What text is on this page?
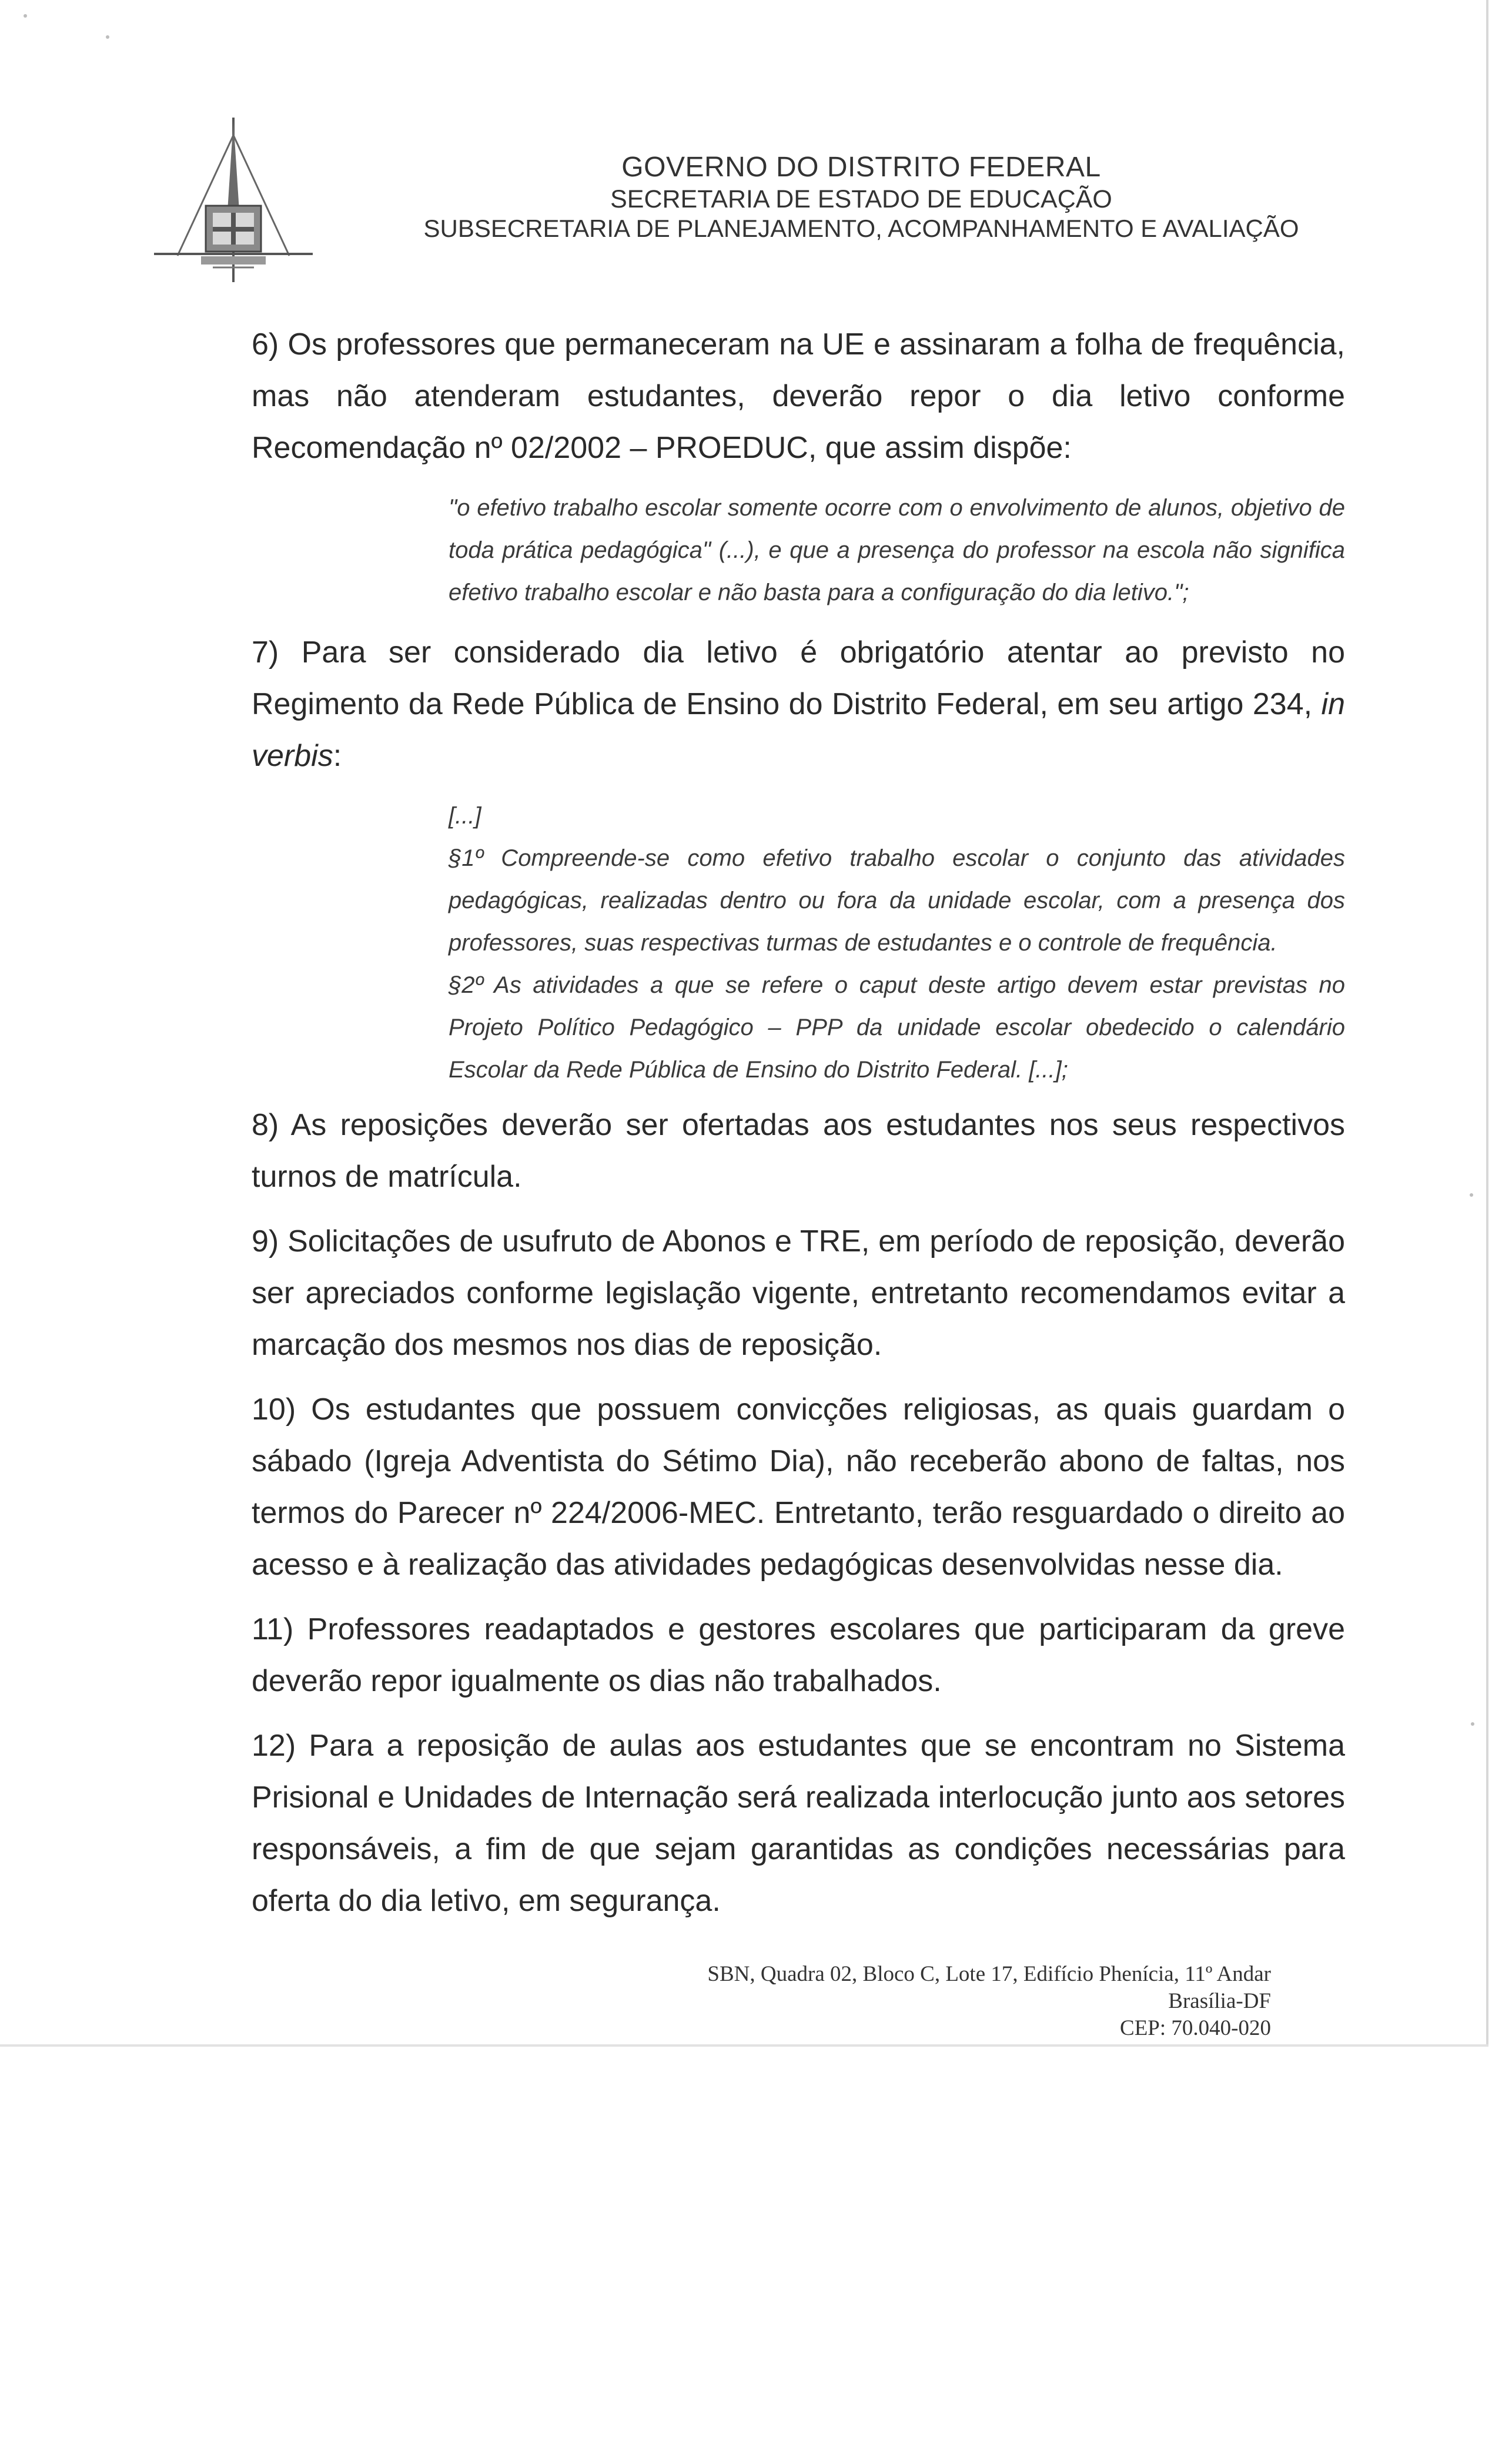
GOVERNO DO DISTRITO FEDERAL
SECRETARIA DE ESTADO DE EDUCAÇÃO
SUBSECRETARIA DE PLANEJAMENTO, ACOMPANHAMENTO E AVALIAÇÃO

6) Os professores que permaneceram na UE e assinaram a folha de frequência, mas não atenderam estudantes, deverão repor o dia letivo conforme Recomendação nº 02/2002 – PROEDUC, que assim dispõe:

"o efetivo trabalho escolar somente ocorre com o envolvimento de alunos, objetivo de toda prática pedagógica" (...), e que a presença do professor na escola não significa efetivo trabalho escolar e não basta para a configuração do dia letivo.";

7) Para ser considerado dia letivo é obrigatório atentar ao previsto no Regimento da Rede Pública de Ensino do Distrito Federal, em seu artigo 234, in verbis:

[...]
§1º Compreende-se como efetivo trabalho escolar o conjunto das atividades pedagógicas, realizadas dentro ou fora da unidade escolar, com a presença dos professores, suas respectivas turmas de estudantes e o controle de frequência.
§2º As atividades a que se refere o caput deste artigo devem estar previstas no Projeto Político Pedagógico – PPP da unidade escolar obedecido o calendário Escolar da Rede Pública de Ensino do Distrito Federal. [...];

8) As reposições deverão ser ofertadas aos estudantes nos seus respectivos turnos de matrícula.

9) Solicitações de usufruto de Abonos e TRE, em período de reposição, deverão ser apreciados conforme legislação vigente, entretanto recomendamos evitar a marcação dos mesmos nos dias de reposição.

10) Os estudantes que possuem convicções religiosas, as quais guardam o sábado (Igreja Adventista do Sétimo Dia), não receberão abono de faltas, nos termos do Parecer nº 224/2006-MEC. Entretanto, terão resguardado o direito ao acesso e à realização das atividades pedagógicas desenvolvidas nesse dia.

11) Professores readaptados e gestores escolares que participaram da greve deverão repor igualmente os dias não trabalhados.

12) Para a reposição de aulas aos estudantes que se encontram no Sistema Prisional e Unidades de Internação será realizada interlocução junto aos setores responsáveis, a fim de que sejam garantidas as condições necessárias para oferta do dia letivo, em segurança.

SBN, Quadra 02, Bloco C, Lote 17, Edifício Phenícia, 11º Andar
Brasília-DF
CEP: 70.040-020
